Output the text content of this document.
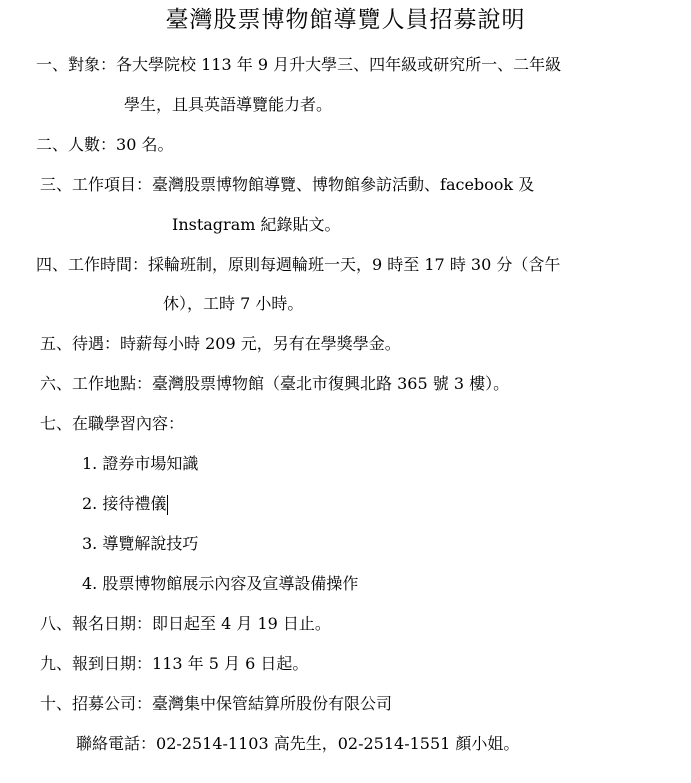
臺灣股票博物館導覽人員招募說明
一、對象：各大學院校 113 年 9 月升大學三、四年級或研究所一、二年級
學生，且具英語導覽能力者。
二、人數：30 名。
三、工作項目：臺灣股票博物館導覽、博物館參訪活動、facebook 及
Instagram 紀錄貼文。
四、工作時間：採輪班制，原則每週輪班一天，9 時至 17 時 30 分（含午
休），工時 7 小時。
五、待遇：時薪每小時 209 元，另有在學獎學金。
六、工作地點：臺灣股票博物館（臺北市復興北路 365 號 3 樓）。
七、在職學習內容：
1. 證券市場知識
2. 接待禮儀
3. 導覽解說技巧
4. 股票博物館展示內容及宣導設備操作
八、報名日期：即日起至 4 月 19 日止。
九、報到日期：113 年 5 月 6 日起。
十、招募公司：臺灣集中保管結算所股份有限公司
聯絡電話：02-2514-1103 高先生，02-2514-1551 顏小姐。
